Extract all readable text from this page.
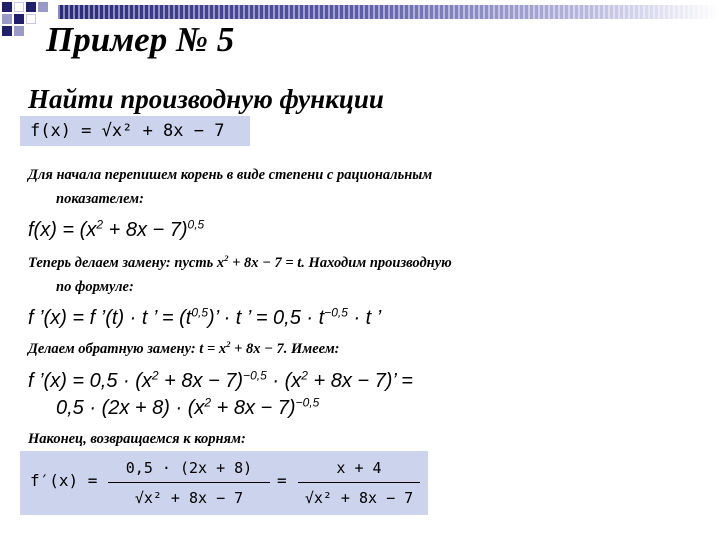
Пример № 5
Найти производную функции
f(x) = √x² + 8x − 7
Для начала перепишем корень в виде степени с рациональным
показателем:
$f(x) = (x^2 + 8x - 7)^{0,5}$
Теперь делаем замену: пусть $x^2 + 8x - 7 = t$. Находим производную
по формуле:
f ’(x) = f ’(t) · t ’ = $(t^{0,5})$’ · t ’ = $0,5 \cdot t^{-0,5} \cdot t$ ’
Делаем обратную замену: $t = x^2 + 8x - 7$. Имеем:
f ’(x) = $0,5 \cdot (x^2 + 8x - 7)^{-0,5} \cdot (x^2 + 8x - 7)$’ =
$0,5 \cdot (2x + 8) \cdot (x^2 + 8x - 7)^{-0,5}$
Наконец, возвращаемся к корням:
f′(x) =
0,5 · (2x + 8)
√x² + 8x − 7
=
x + 4
√x² + 8x − 7
